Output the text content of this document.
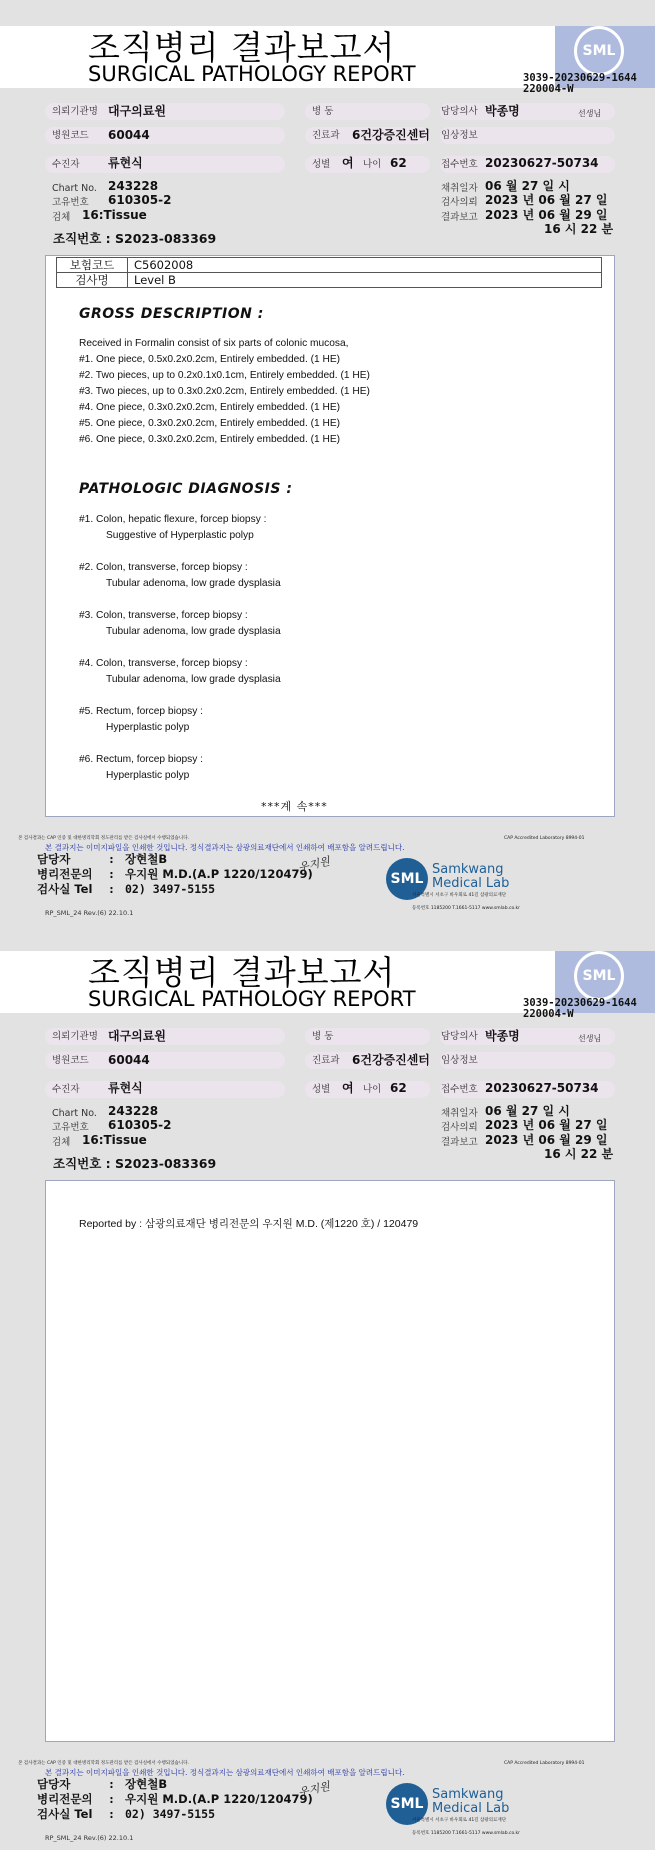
조직병리 결과보고서
SURGICAL PATHOLOGY REPORT
SML
3039-20230629-1644
220004-W
의뢰기관명 대구의료원	병 동	담당의사 박종명	선생님
병원코드 60044	진료과 6건강증진센터 임상정보
수진자 류현식	성별 여 나이 62	접수번호 20230627-50734
Chart No. 243228
고유번호 610305-2
검체 16:Tissue
채취일자 06 월 27 일 시
검사의뢰 2023 년 06 월 27 일
결과보고 2023 년 06 월 29 일
16 시 22 분
조직번호 : S2023-083369
보험코드	C5602008
검사명	Level B
GROSS DESCRIPTION :
Received in Formalin consist of six parts of colonic mucosa,
#1. One piece, 0.5x0.2x0.2cm, Entirely embedded. (1 HE)
#2. Two pieces, up to 0.2x0.1x0.1cm, Entirely embedded. (1 HE)
#3. Two pieces, up to 0.3x0.2x0.2cm, Entirely embedded. (1 HE)
#4. One piece, 0.3x0.2x0.2cm, Entirely embedded. (1 HE)
#5. One piece, 0.3x0.2x0.2cm, Entirely embedded. (1 HE)
#6. One piece, 0.3x0.2x0.2cm, Entirely embedded. (1 HE)
PATHOLOGIC DIAGNOSIS :
#1. Colon, hepatic flexure, forcep biopsy :
Suggestive of Hyperplastic polyp
#2. Colon, transverse, forcep biopsy :
Tubular adenoma, low grade dysplasia
#3. Colon, transverse, forcep biopsy :
Tubular adenoma, low grade dysplasia
#4. Colon, transverse, forcep biopsy :
Tubular adenoma, low grade dysplasia
#5. Rectum, forcep biopsy :
Hyperplastic polyp
#6. Rectum, forcep biopsy :
Hyperplastic polyp
***계 속***
본 검사결과는 CAP 인증 및 대한병리학회 정도관리를 받은 검사실에서 수행되었습니다.	CAP Accredited Laboratory 8994-01
본 결과지는 이미지파일을 인쇄한 것입니다. 정식결과지는 삼광의료재단에서 인쇄하여 배포함을 알려드립니다.
담당자	: 장현철B
병리전문의 : 우지원 M.D.(A.P 1220/120479)
검사실 Tel : 02) 3497-5155
우지원
SML
Samkwang
Medical Lab
서울특별시 서초구 바우뫼로 41길 삼광의료재단
등록번호 1185200 T.1661-5117 www.smlab.co.kr
RP_SML_24 Rev.(6) 22.10.1
조직병리 결과보고서
SURGICAL PATHOLOGY REPORT
SML
3039-20230629-1644
220004-W
의뢰기관명 대구의료원	병 동	담당의사 박종명	선생님
병원코드 60044	진료과 6건강증진센터 임상정보
수진자 류현식	성별 여 나이 62	접수번호 20230627-50734
Chart No. 243228
고유번호 610305-2
검체 16:Tissue
채취일자 06 월 27 일 시
검사의뢰 2023 년 06 월 27 일
결과보고 2023 년 06 월 29 일
16 시 22 분
조직번호 : S2023-083369
Reported by : 삼광의료재단 병리전문의 우지원 M.D. (제1220 호) / 120479
본 검사결과는 CAP 인증 및 대한병리학회 정도관리를 받은 검사실에서 수행되었습니다.	CAP Accredited Laboratory 8994-01
본 결과지는 이미지파일을 인쇄한 것입니다. 정식결과지는 삼광의료재단에서 인쇄하여 배포함을 알려드립니다.
담당자	: 장현철B
병리전문의 : 우지원 M.D.(A.P 1220/120479)
검사실 Tel : 02) 3497-5155
우지원
SML
Samkwang
Medical Lab
서울특별시 서초구 바우뫼로 41길 삼광의료재단
등록번호 1185200 T.1661-5117 www.smlab.co.kr
RP_SML_24 Rev.(6) 22.10.1
